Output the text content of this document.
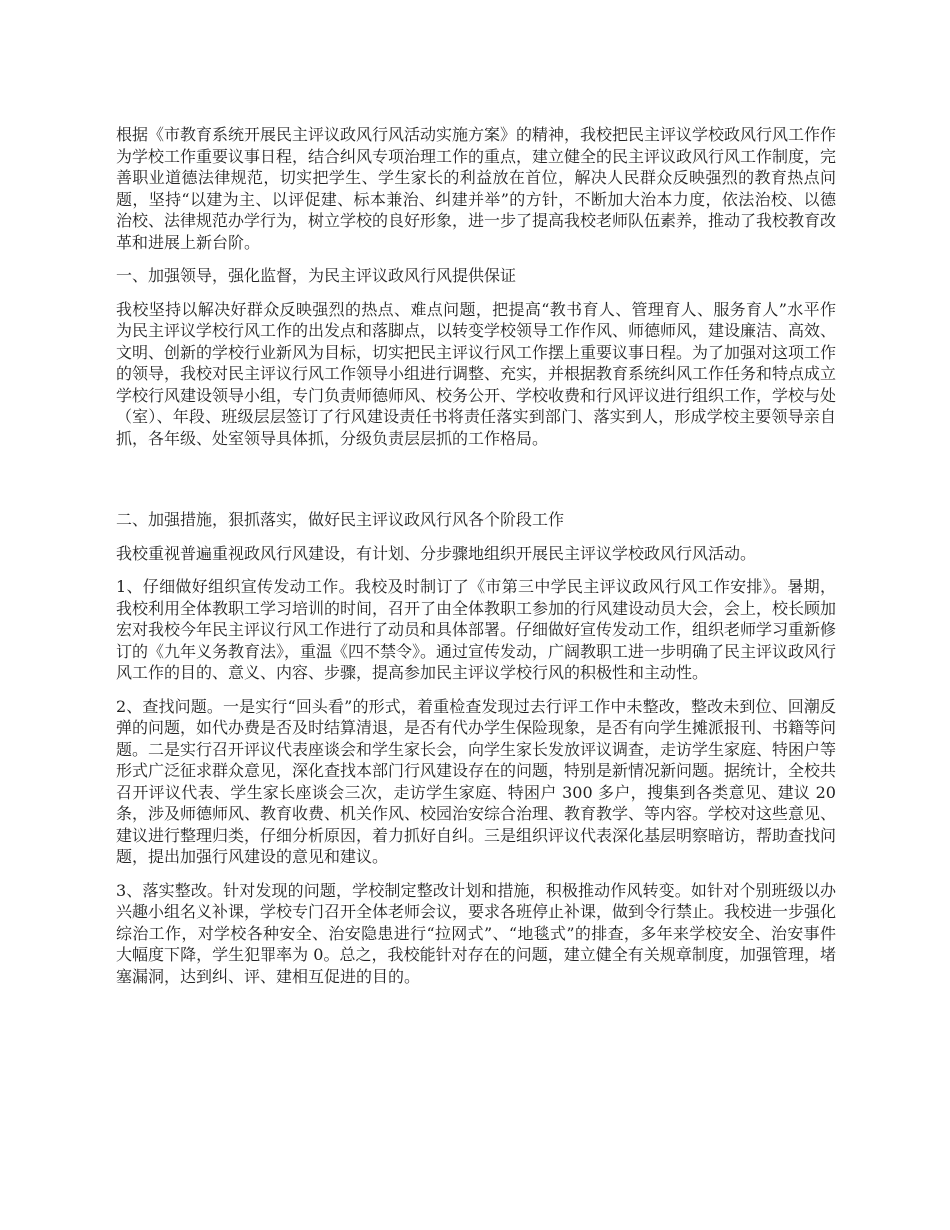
根据《市教育系统开展民主评议政风行风活动实施方案》的精神，我校把民主评议学校政风行风工作作为学校工作重要议事日程，结合纠风专项治理工作的重点，建立健全的民主评议政风行风工作制度，完善职业道德法律规范，切实把学生、学生家长的利益放在首位，解决人民群众反映强烈的教育热点问题，坚持“以建为主、以评促建、标本兼治、纠建并举”的方针，不断加大治本力度，依法治校、以德治校、法律规范办学行为，树立学校的良好形象，进一步了提高我校老师队伍素养，推动了我校教育改革和进展上新台阶。

一、加强领导，强化监督，为民主评议政风行风提供保证

我校坚持以解决好群众反映强烈的热点、难点问题，把提高“教书育人、管理育人、服务育人”水平作为民主评议学校行风工作的出发点和落脚点，以转变学校领导工作作风、师德师风，建设廉洁、高效、文明、创新的学校行业新风为目标，切实把民主评议行风工作摆上重要议事日程。为了加强对这项工作的领导，我校对民主评议行风工作领导小组进行调整、充实，并根据教育系统纠风工作任务和特点成立学校行风建设领导小组，专门负责师德师风、校务公开、学校收费和行风评议进行组织工作，学校与处（室）、年段、班级层层签订了行风建设责任书将责任落实到部门、落实到人，形成学校主要领导亲自抓，各年级、处室领导具体抓，分级负责层层抓的工作格局。

二、加强措施，狠抓落实，做好民主评议政风行风各个阶段工作

我校重视普遍重视政风行风建设，有计划、分步骤地组织开展民主评议学校政风行风活动。

1、仔细做好组织宣传发动工作。我校及时制订了《市第三中学民主评议政风行风工作安排》。暑期，我校利用全体教职工学习培训的时间，召开了由全体教职工参加的行风建设动员大会，会上，校长顾加宏对我校今年民主评议行风工作进行了动员和具体部署。仔细做好宣传发动工作，组织老师学习重新修订的《九年义务教育法》，重温《四不禁令》。通过宣传发动，广阔教职工进一步明确了民主评议政风行风工作的目的、意义、内容、步骤，提高参加民主评议学校行风的积极性和主动性。

2、查找问题。一是实行“回头看”的形式，着重检查发现过去行评工作中未整改，整改未到位、回潮反弹的问题，如代办费是否及时结算清退，是否有代办学生保险现象，是否有向学生摊派报刊、书籍等问题。二是实行召开评议代表座谈会和学生家长会，向学生家长发放评议调查，走访学生家庭、特困户等形式广泛征求群众意见，深化查找本部门行风建设存在的问题，特别是新情况新问题。据统计，全校共召开评议代表、学生家长座谈会三次，走访学生家庭、特困户 300 多户，搜集到各类意见、建议 20 条，涉及师德师风、教育收费、机关作风、校园治安综合治理、教育教学、等内容。学校对这些意见、建议进行整理归类，仔细分析原因，着力抓好自纠。三是组织评议代表深化基层明察暗访，帮助查找问题，提出加强行风建设的意见和建议。

3、落实整改。针对发现的问题，学校制定整改计划和措施，积极推动作风转变。如针对个别班级以办兴趣小组名义补课，学校专门召开全体老师会议，要求各班停止补课，做到令行禁止。我校进一步强化综治工作，对学校各种安全、治安隐患进行“拉网式”、“地毯式”的排查，多年来学校安全、治安事件大幅度下降，学生犯罪率为 0。总之，我校能针对存在的问题，建立健全有关规章制度，加强管理，堵塞漏洞，达到纠、评、建相互促进的目的。
